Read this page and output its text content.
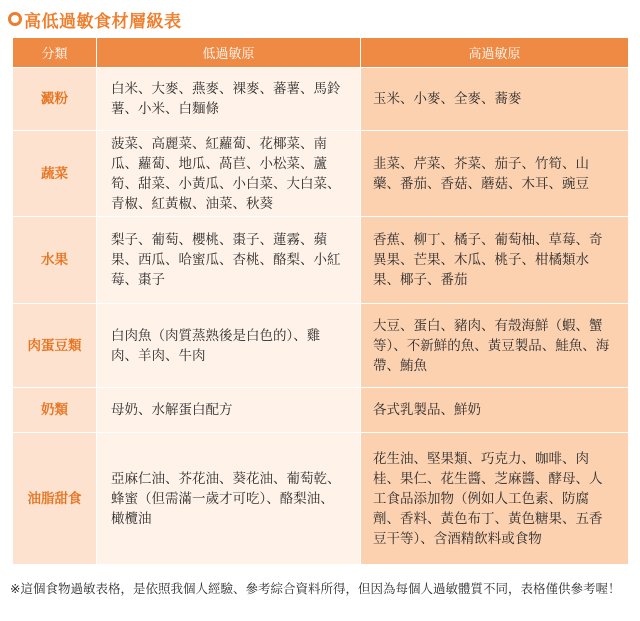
高低過敏食材層級表
分類	低過敏原	高過敏原
澱粉	白米、大麥、燕麥、裸麥、蕃薯、馬鈴薯、小米、白麵條	玉米、小麥、全麥、蕎麥
蔬菜	菠菜、高麗菜、紅蘿蔔、花椰菜、南瓜、蘿蔔、地瓜、萵苣、小松菜、蘆筍、甜菜、小黃瓜、小白菜、大白菜、青椒、紅黃椒、油菜、秋葵	韭菜、芹菜、芥菜、茄子、竹筍、山藥、番茄、香菇、蘑菇、木耳、豌豆
水果	梨子、葡萄、櫻桃、棗子、蓮霧、蘋果、西瓜、哈蜜瓜、杏桃、酪梨、小紅莓、棗子	香蕉、柳丁、橘子、葡萄柚、草莓、奇異果、芒果、木瓜、桃子、柑橘類水果、椰子、番茄
肉蛋豆類	白肉魚（肉質蒸熟後是白色的）、雞肉、羊肉、牛肉	大豆、蛋白、豬肉、有殼海鮮（蝦、蟹等）、不新鮮的魚、黃豆製品、鮭魚、海帶、鮪魚
奶類	母奶、水解蛋白配方	各式乳製品、鮮奶
油脂甜食	亞麻仁油、芥花油、葵花油、葡萄乾、蜂蜜（但需滿一歲才可吃）、酪梨油、橄欖油	花生油、堅果類、巧克力、咖啡、肉桂、果仁、花生醬、芝麻醬、酵母、人工食品添加物（例如人工色素、防腐劑、香料、黃色布丁、黃色糖果、五香豆干等）、含酒精飲料或食物
※這個食物過敏表格，是依照我個人經驗、參考綜合資料所得，但因為每個人過敏體質不同，表格僅供參考喔！
